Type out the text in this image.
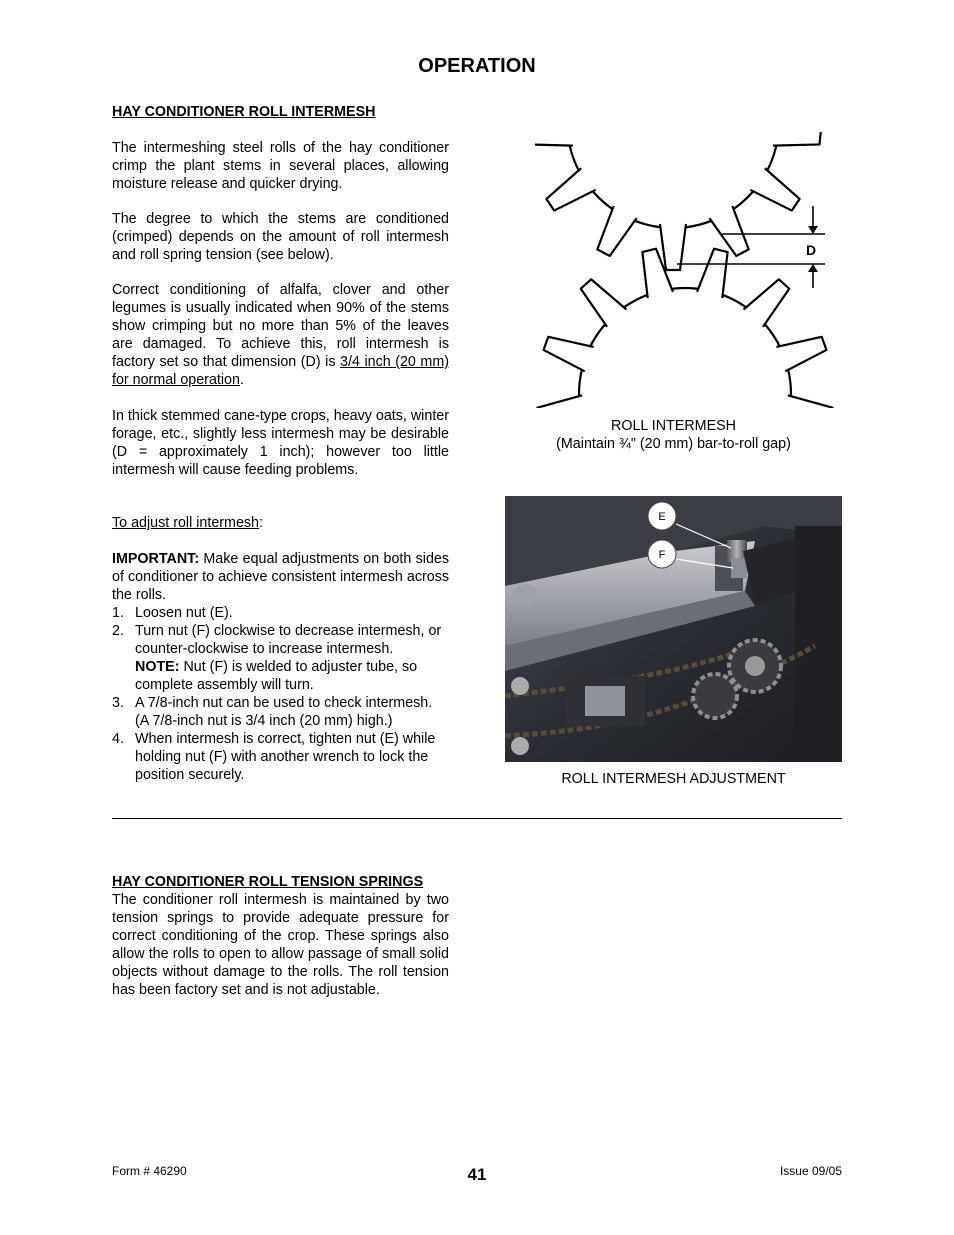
OPERATION
HAY CONDITIONER ROLL INTERMESH

The intermeshing steel rolls of the hay conditioner crimp the plant stems in several places, allowing moisture release and quicker drying.

The degree to which the stems are conditioned (crimped) depends on the amount of roll intermesh and roll spring tension (see below).

Correct conditioning of alfalfa, clover and other legumes is usually indicated when 90% of the stems show crimping but no more than 5% of the leaves are damaged. To achieve this, roll intermesh is factory set so that dimension (D) is 3/4 inch (20 mm) for normal operation.

In thick stemmed cane-type crops, heavy oats, winter forage, etc., slightly less intermesh may be desirable (D = approximately 1 inch); however too little intermesh will cause feeding problems.

To adjust roll intermesh:

IMPORTANT: Make equal adjustments on both sides of conditioner to achieve consistent intermesh across the rolls.

1. Loosen nut (E).
2. Turn nut (F) clockwise to decrease intermesh, or counter-clockwise to increase intermesh.
NOTE: Nut (F) is welded to adjuster tube, so complete assembly will turn.
3. A 7/8-inch nut can be used to check intermesh. (A 7/8-inch nut is 3/4 inch (20 mm) high.)
4. When intermesh is correct, tighten nut (E) while holding nut (F) with another wrench to lock the position securely.
D
ROLL INTERMESH
(Maintain ¾" (20 mm) bar-to-roll gap)
E
F
ROLL INTERMESH ADJUSTMENT
HAY CONDITIONER ROLL TENSION SPRINGS

The conditioner roll intermesh is maintained by two tension springs to provide adequate pressure for correct conditioning of the crop. These springs also allow the rolls to open to allow passage of small solid objects without damage to the rolls. The roll tension has been factory set and is not adjustable.

Form # 46290	41	Issue 09/05
